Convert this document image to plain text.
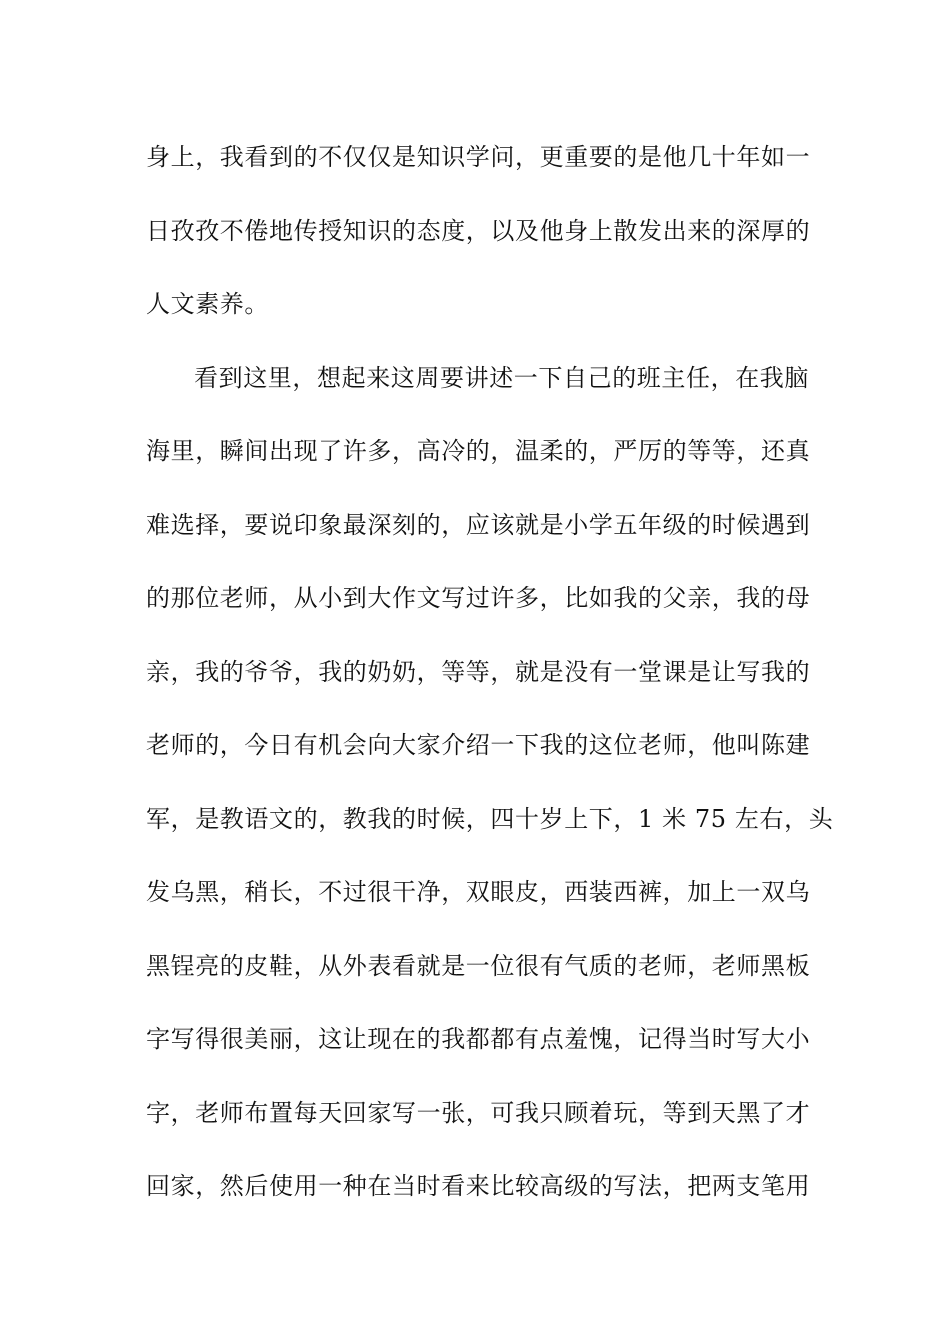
身上，我看到的不仅仅是知识学问，更重要的是他几十年如一
日孜孜不倦地传授知识的态度，以及他身上散发出来的深厚的
人文素养。
看到这里，想起来这周要讲述一下自己的班主任，在我脑
海里，瞬间出现了许多，高冷的，温柔的，严厉的等等，还真
难选择，要说印象最深刻的，应该就是小学五年级的时候遇到
的那位老师，从小到大作文写过许多，比如我的父亲，我的母
亲，我的爷爷，我的奶奶，等等，就是没有一堂课是让写我的
老师的，今日有机会向大家介绍一下我的这位老师，他叫陈建
军，是教语文的，教我的时候，四十岁上下，1 米 75 左右，头
发乌黑，稍长，不过很干净，双眼皮，西装西裤，加上一双乌
黑锃亮的皮鞋，从外表看就是一位很有气质的老师，老师黑板
字写得很美丽，这让现在的我都都有点羞愧，记得当时写大小
字，老师布置每天回家写一张，可我只顾着玩，等到天黑了才
回家，然后使用一种在当时看来比较高级的写法，把两支笔用
